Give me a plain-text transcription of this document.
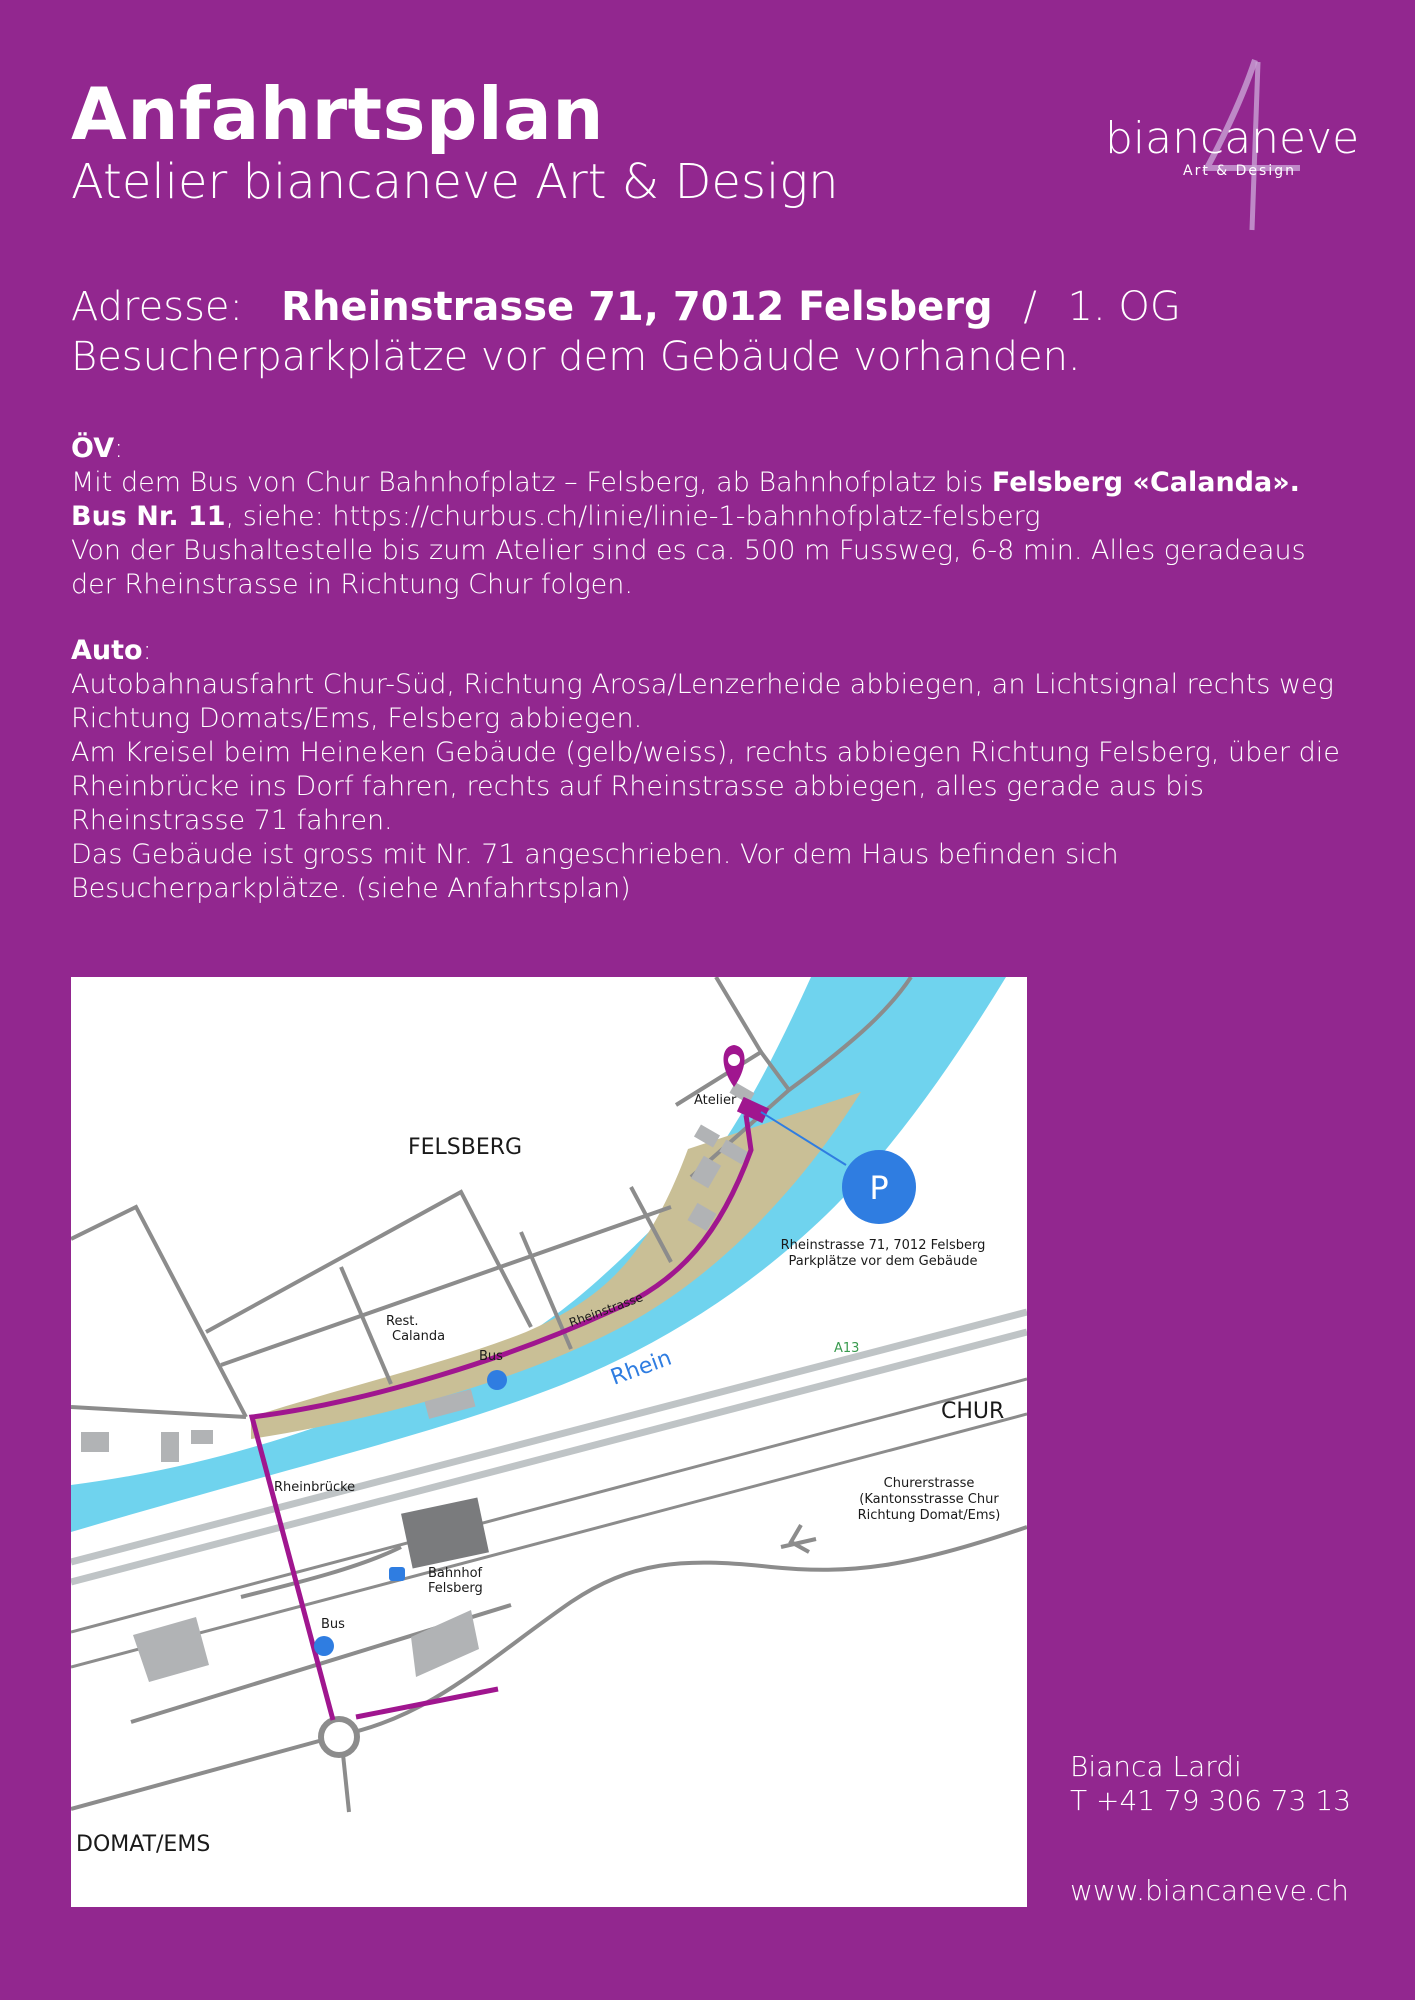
Anfahrtsplan
Atelier biancaneve Art & Design
biancaneve
Art & Design
Adresse: Rheinstrasse 71, 7012 Felsberg / 1. OG
Besucherparkplätze vor dem Gebäude vorhanden.
ÖV:
Mit dem Bus von Chur Bahnhofplatz – Felsberg, ab Bahnhofplatz bis Felsberg «Calanda». Bus Nr. 11, siehe: https://churbus.ch/linie/linie-1-bahnhofplatz-felsberg
Von der Bushaltestelle bis zum Atelier sind es ca. 500 m Fussweg, 6-8 min. Alles geradeaus der Rheinstrasse in Richtung Chur folgen.
Auto:
Autobahnausfahrt Chur-Süd, Richtung Arosa/Lenzerheide abbiegen, an Lichtsignal rechts weg Richtung Domats/Ems, Felsberg abbiegen.
Am Kreisel beim Heineken Gebäude (gelb/weiss), rechts abbiegen Richtung Felsberg, über die Rheinbrücke ins Dorf fahren, rechts auf Rheinstrasse abbiegen, alles gerade aus bis Rheinstrasse 71 fahren.
Das Gebäude ist gross mit Nr. 71 angeschrieben. Vor dem Haus befinden sich Besucherparkplätze. (siehe Anfahrtsplan)
P
FELSBERG
CHUR
DOMAT/EMS
Atelier
Rheinstrasse 71, 7012 Felsberg
Parkplätze vor dem Gebäude
Rheinstrasse
Rest.
Calanda
Bus
Rheinbrücke
Bahnhof
Felsberg
Bus
Churerstrasse
(Kantonsstrasse Chur
Richtung Domat/Ems)
Rhein	A13
Bianca Lardi
T +41 79 306 73 13
www.biancaneve.ch
